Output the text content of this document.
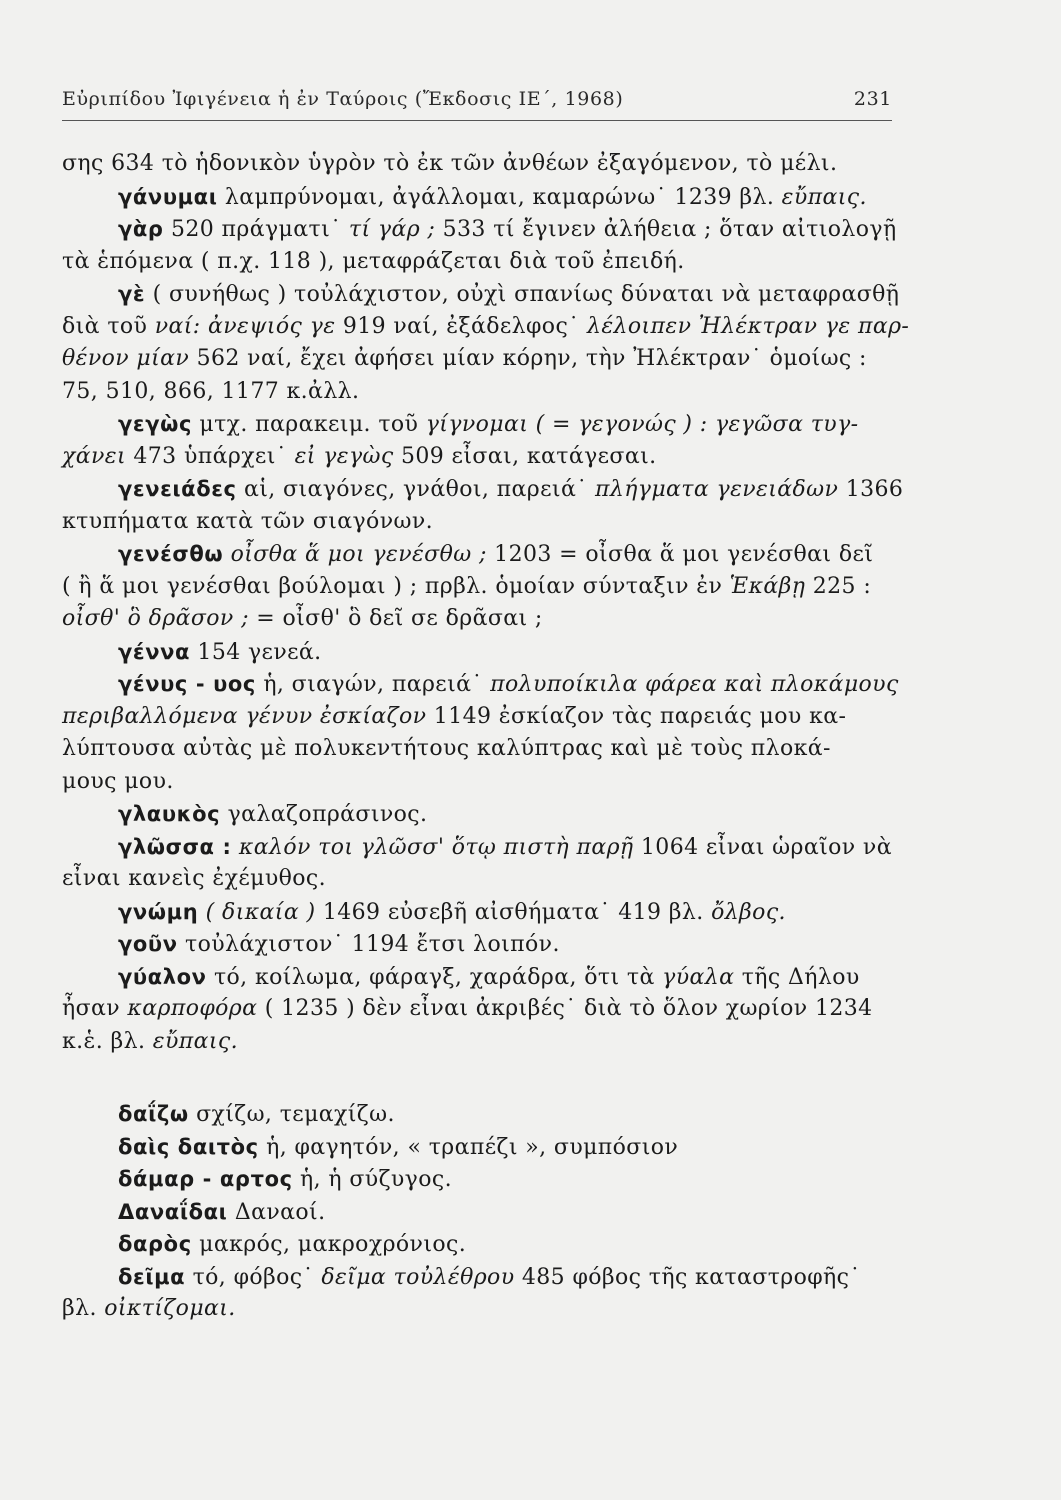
Εὐριπίδου Ἰφιγένεια ἡ ἐν Ταύροις (Ἔκδοσις ΙΕ΄, 1968)	231
σης 634 τὸ ἡδονικὸν ὑγρὸν τὸ ἐκ τῶν ἀνθέων ἐξαγόμενον, τὸ μέλι.
γάνυμαι λαμπρύνομαι, ἀγάλλομαι, καμαρώνω˙ 1239 βλ. εὔπαις.
γὰρ 520 πράγματι˙ τί γάρ ; 533 τί ἔγινεν ἀλήθεια ; ὅταν αἰτιολογῇ
τὰ ἑπόμενα ( π.χ. 118 ), μεταφράζεται διὰ τοῦ ἐπειδή.
γὲ ( συνήθως ) τοὐλάχιστον, οὐχὶ σπανίως δύναται νὰ μεταφρασθῇ
διὰ τοῦ ναί: ἀνεψιός γε 919 ναί, ἐξάδελφος˙ λέλοιπεν Ἠλέκτραν γε παρ-
θένον μίαν 562 ναί, ἔχει ἀφήσει μίαν κόρην, τὴν Ἠλέκτραν˙ ὁμοίως :
75, 510, 866, 1177 κ.ἀλλ.
γεγὼς μτχ. παρακειμ. τοῦ γίγνομαι ( = γεγονώς ) : γεγῶσα τυγ-
χάνει 473 ὑπάρχει˙ εἰ γεγὼς 509 εἶσαι, κατάγεσαι.
γενειάδες αἱ, σιαγόνες, γνάθοι, παρειά˙ πλήγματα γενειάδων 1366
κτυπήματα κατὰ τῶν σιαγόνων.
γενέσθω οἶσθα ἅ μοι γενέσθω ; 1203 = οἶσθα ἅ μοι γενέσθαι δεῖ
( ἢ ἅ μοι γενέσθαι βούλομαι ) ; πρβλ. ὁμοίαν σύνταξιν ἐν Ἑκάβῃ 225 :
οἶσθ' ὃ δρᾶσον ; = οἶσθ' ὃ δεῖ σε δρᾶσαι ;
γέννα 154 γενεά.
γένυς - υος ἡ, σιαγών, παρειά˙ πολυποίκιλα φάρεα καὶ πλοκάμους
περιβαλλόμενα γένυν ἐσκίαζον 1149 ἐσκίαζον τὰς παρειάς μου κα-
λύπτουσα αὐτὰς μὲ πολυκεντήτους καλύπτρας καὶ μὲ τοὺς πλοκά-
μους μου.
γλαυκὸς γαλαζοπράσινος.
γλῶσσα : καλόν τοι γλῶσσ' ὅτῳ πιστὴ παρῇ 1064 εἶναι ὡραῖον νὰ
εἶναι κανεὶς ἐχέμυθος.
γνώμη ( δικαία ) 1469 εὐσεβῆ αἰσθήματα˙ 419 βλ. ὄλβος.
γοῦν τοὐλάχιστον˙ 1194 ἔτσι λοιπόν.
γύαλον τό, κοίλωμα, φάραγξ, χαράδρα, ὅτι τὰ γύαλα τῆς Δήλου
ἦσαν καρποφόρα ( 1235 ) δὲν εἶναι ἀκριβές˙ διὰ τὸ ὅλον χωρίον 1234
κ.ἑ. βλ. εὔπαις.
δαΐζω σχίζω, τεμαχίζω.
δαὶς δαιτὸς ἡ, φαγητόν, « τραπέζι », συμπόσιον
δάμαρ - αρτος ἡ, ἡ σύζυγος.
Δαναΐδαι Δαναοί.
δαρὸς μακρός, μακροχρόνιος.
δεῖμα τό, φόβος˙ δεῖμα τοὐλέθρου 485 φόβος τῆς καταστροφῆς˙
βλ. οἰκτίζομαι.
